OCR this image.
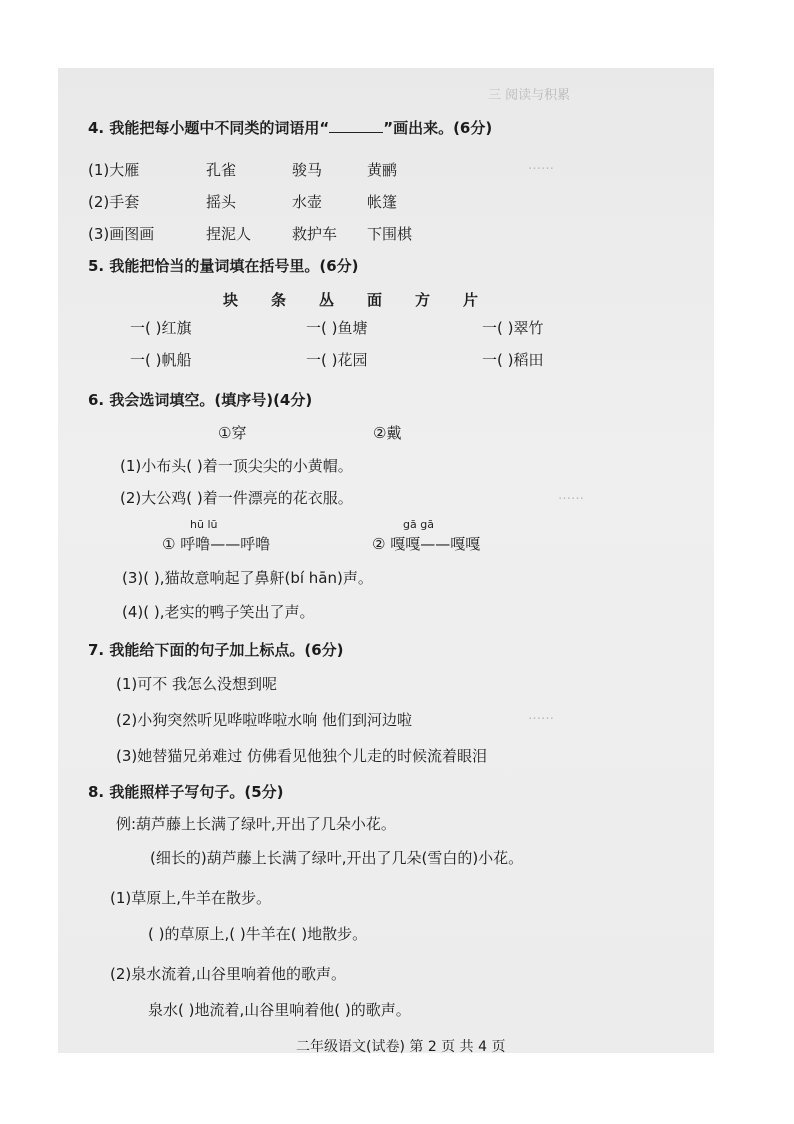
三 阅读与积累
……
……
……
4. 我能把每小题中不同类的词语用“	”画出来。(6分)
(1)大雁	孔雀	骏马	黄鹂
(2)手套	摇头	水壶	帐篷
(3)画图画	捏泥人	救护车 下围棋
5. 我能把恰当的量词填在括号里。(6分)
块 条 丛 面 方 片
一( )红旗	一( )鱼塘	一( )翠竹
一( )帆船	一( )花园	一( )稻田
6. 我会选词填空。(填序号)(4分)
①穿	②戴
(1)小布头( )着一顶尖尖的小黄帽。
(2)大公鸡( )着一件漂亮的花衣服。
hū lū	gā gā
① 呼噜——呼噜	② 嘎嘎——嘎嘎
(3)( ),猫故意响起了鼻鼾(bí hān)声。
(4)( ),老实的鸭子笑出了声。
7. 我能给下面的句子加上标点。(6分)
(1)可不 我怎么没想到呢
(2)小狗突然听见哗啦哗啦水响 他们到河边啦
(3)她替猫兄弟难过 仿佛看见他独个儿走的时候流着眼泪
8. 我能照样子写句子。(5分)
例:葫芦藤上长满了绿叶,开出了几朵小花。
(细长的)葫芦藤上长满了绿叶,开出了几朵(雪白的)小花。
(1)草原上,牛羊在散步。
( )的草原上,( )牛羊在( )地散步。
(2)泉水流着,山谷里响着他的歌声。
泉水( )地流着,山谷里响着他( )的歌声。
二年级语文(试卷) 第 2 页 共 4 页
